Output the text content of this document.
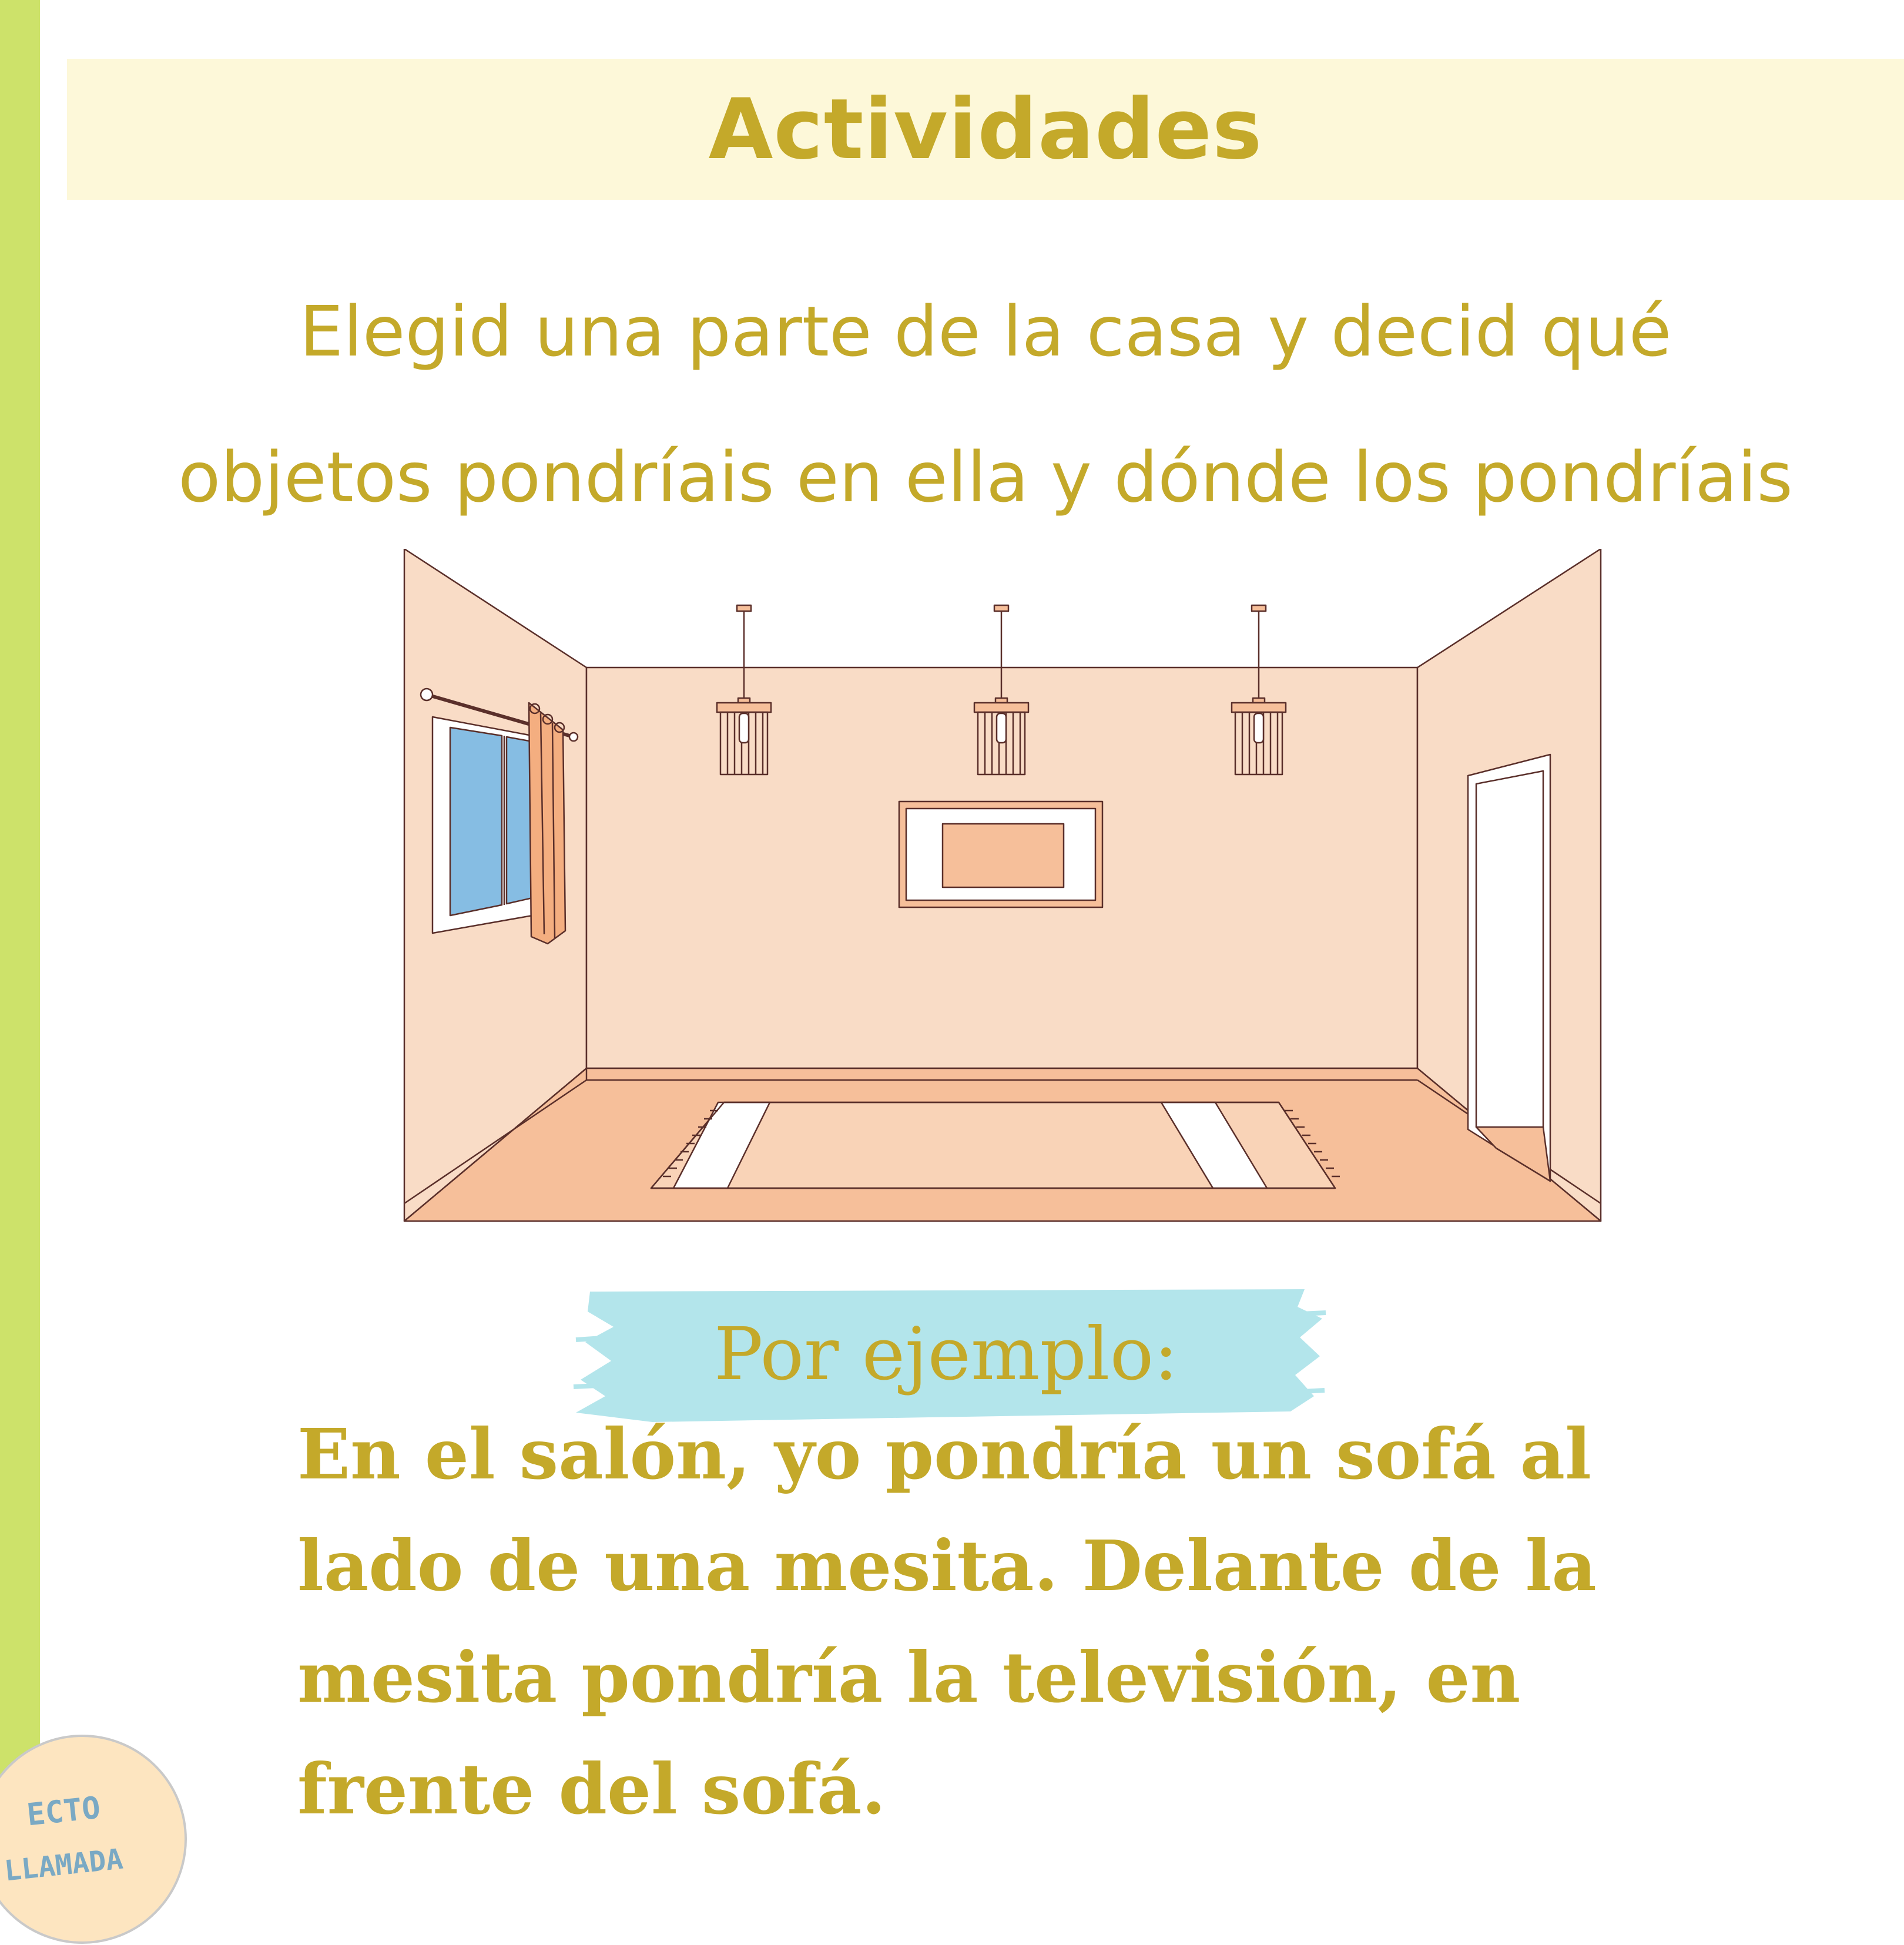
Actividades
Elegid una parte de la casa y decid qué
objetos pondríais en ella y dónde los pondríais
Por ejemplo:
En el salón, yo pondría un sofá al
lado de una mesita. Delante de la
mesita pondría la televisión, en
frente del sofá.
ECTO
LLAMADA
